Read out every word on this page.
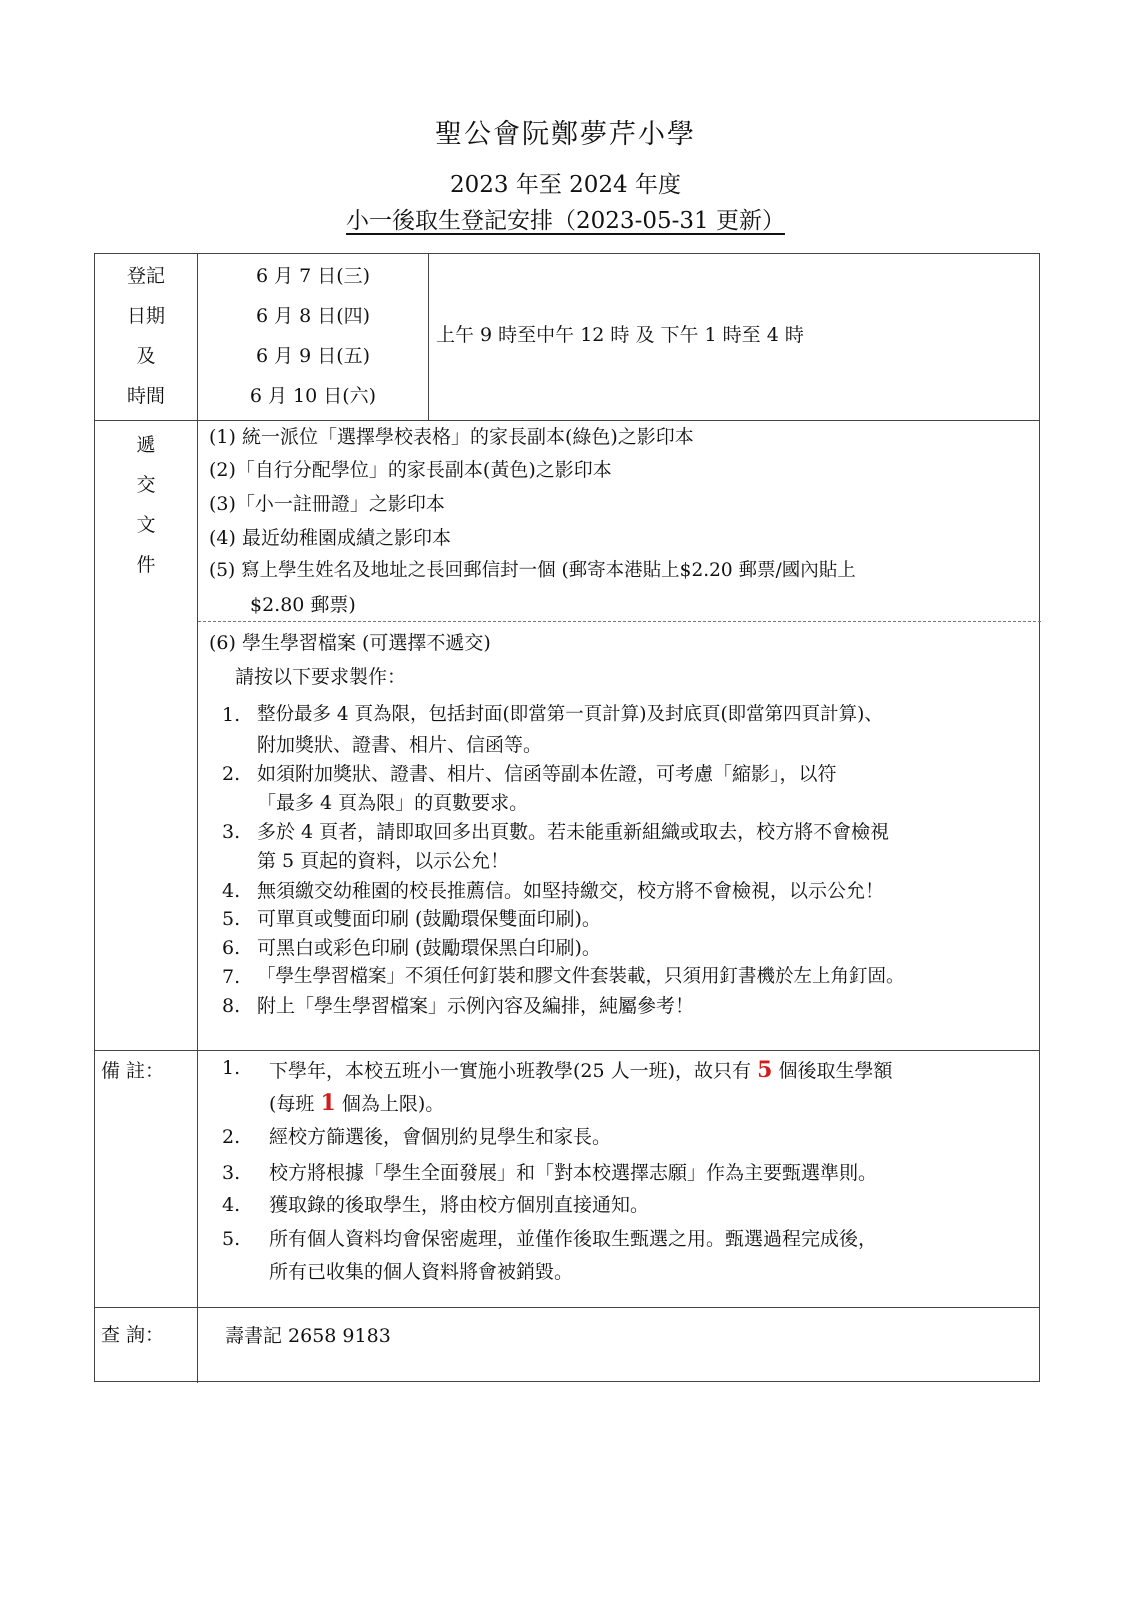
聖公會阮鄭夢芹小學
2023 年至 2024 年度
小一後取生登記安排（2023-05-31 更新）
登記
日期
及
時間
6 月 7 日(三)
6 月 8 日(四)
6 月 9 日(五)
6 月 10 日(六)
上午 9 時至中午 12 時 及 下午 1 時至 4 時
遞
交
文
件
(1) 統一派位「選擇學校表格」的家長副本(綠色)之影印本
(2)「自行分配學位」的家長副本(黃色)之影印本
(3)「小一註冊證」之影印本
(4) 最近幼稚園成績之影印本
(5) 寫上學生姓名及地址之長回郵信封一個 (郵寄本港貼上$2.20 郵票/國內貼上
$2.80 郵票)
(6) 學生學習檔案 (可選擇不遞交)
請按以下要求製作：
1. 整份最多 4 頁為限，包括封面(即當第一頁計算)及封底頁(即當第四頁計算)、
附加獎狀、證書、相片、信函等。
2. 如須附加獎狀、證書、相片、信函等副本佐證，可考慮「縮影」，以符
「最多 4 頁為限」的頁數要求。
3. 多於 4 頁者，請即取回多出頁數。若未能重新組織或取去，校方將不會檢視
第 5 頁起的資料，以示公允！
4. 無須繳交幼稚園的校長推薦信。如堅持繳交，校方將不會檢視，以示公允！
5. 可單頁或雙面印刷 (鼓勵環保雙面印刷)。
6. 可黑白或彩色印刷 (鼓勵環保黑白印刷)。
7. 「學生學習檔案」不須任何釘裝和膠文件套裝載，只須用釘書機於左上角釘固。
8. 附上「學生學習檔案」示例內容及編排，純屬參考！
備 註：	1. 下學年，本校五班小一實施小班教學(25 人一班)，故只有 5 個後取生學額
(每班 1 個為上限)。
2. 經校方篩選後，會個別約見學生和家長。
3. 校方將根據「學生全面發展」和「對本校選擇志願」作為主要甄選準則。
4. 獲取錄的後取學生，將由校方個別直接通知。
5. 所有個人資料均會保密處理，並僅作後取生甄選之用。甄選過程完成後，
所有已收集的個人資料將會被銷毀。
查 詢：	壽書記 2658 9183
